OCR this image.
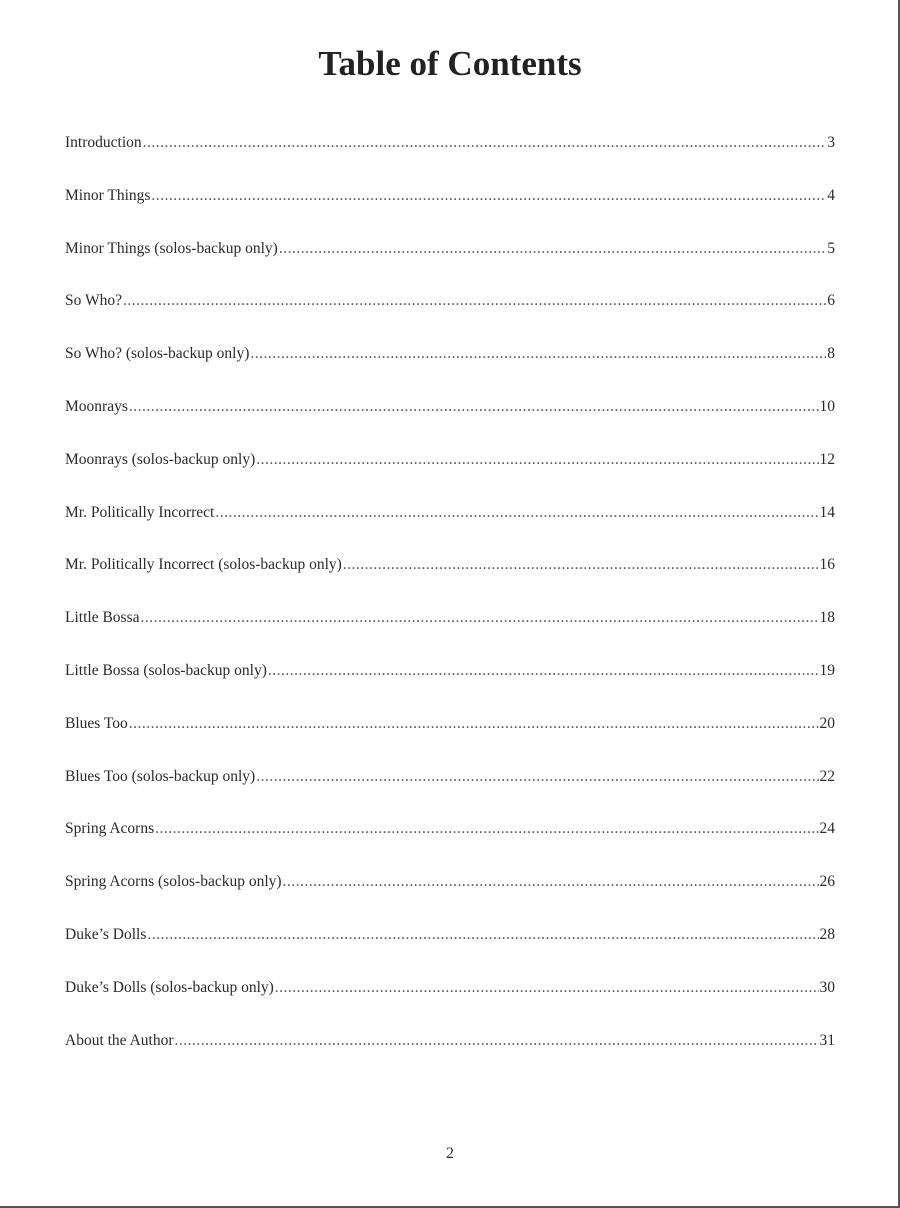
Table of Contents
Introduction .....	3
Minor Things .....	4
Minor Things (solos-backup only) .....	5
So Who? .....	6
So Who? (solos-backup only) .....	8
Moonrays .....	10
Moonrays (solos-backup only) .....	12
Mr. Politically Incorrect .....	14
Mr. Politically Incorrect (solos-backup only) .....	16
Little Bossa .....	18
Little Bossa (solos-backup only) .....	19
Blues Too .....	20
Blues Too (solos-backup only) .....	22
Spring Acorns .....	24
Spring Acorns (solos-backup only) .....	26
Duke’s Dolls .....	28
Duke’s Dolls (solos-backup only) .....	30
About the Author .....	31
2
